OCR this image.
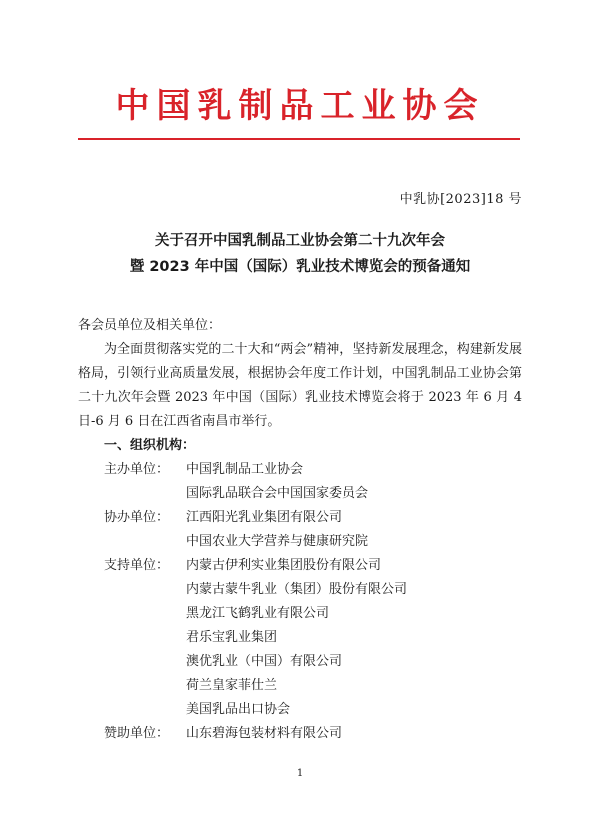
中国乳制品工业协会
中乳协[2023]18 号
关于召开中国乳制品工业协会第二十九次年会
暨 2023 年中国（国际）乳业技术博览会的预备通知

各会员单位及相关单位：

为全面贯彻落实党的二十大和“两会”精神，坚持新发展理念，构建新发展格局，引领行业高质量发展，根据协会年度工作计划，中国乳制品工业协会第二十九次年会暨 2023 年中国（国际）乳业技术博览会将于 2023 年 6 月 4 日-6 月 6 日在江西省南昌市举行。

一、组织机构：

主办单位：	中国乳制品工业协会
国际乳品联合会中国国家委员会
协办单位：	江西阳光乳业集团有限公司
中国农业大学营养与健康研究院
支持单位：	内蒙古伊利实业集团股份有限公司
内蒙古蒙牛乳业（集团）股份有限公司
黑龙江飞鹤乳业有限公司
君乐宝乳业集团
澳优乳业（中国）有限公司
荷兰皇家菲仕兰
美国乳品出口协会
赞助单位：	山东碧海包装材料有限公司
1
